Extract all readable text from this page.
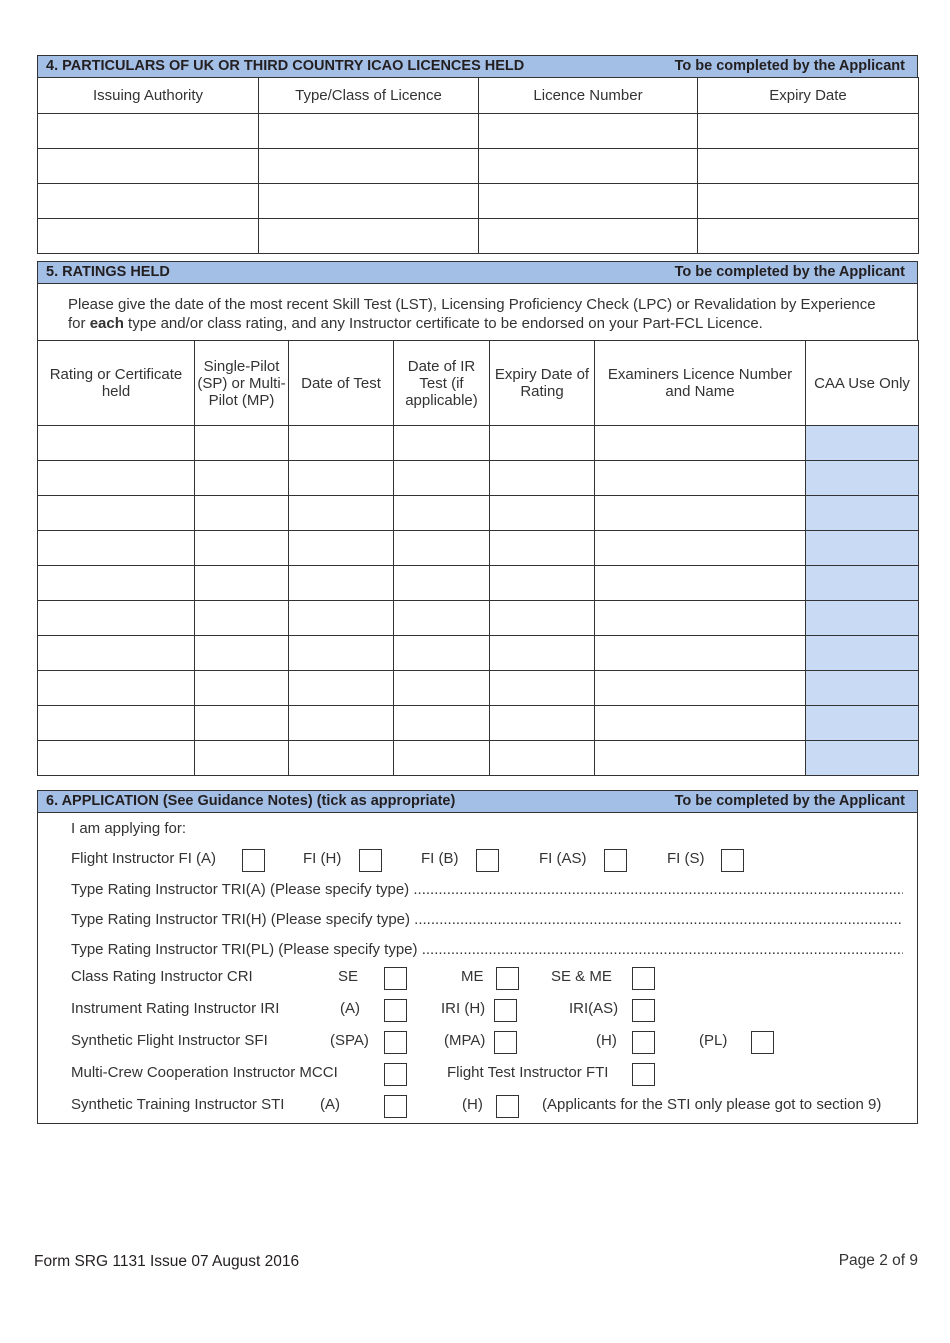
4. PARTICULARS OF UK OR THIRD COUNTRY ICAO LICENCES HELD	To be completed by the Applicant
Issuing Authority	Type/Class of Licence	Licence Number	Expiry Date

5. RATINGS HELD	To be completed by the Applicant
Please give the date of the most recent Skill Test (LST), Licensing Proficiency Check (LPC) or Revalidation by Experience
for each type and/or class rating, and any Instructor certificate to be endorsed on your Part-FCL Licence.
Rating or Certificate held	Single-Pilot (SP) or Multi-Pilot (MP)	Date of Test	Date of IR Test (if applicable)	Expiry Date of Rating	Examiners Licence Number and Name	CAA Use Only

6. APPLICATION (See Guidance Notes) (tick as appropriate)	To be completed by the Applicant
I am applying for:
Flight Instructor FI (A)	FI (H)	FI (B)	FI (AS)	FI (S)
Type Rating Instructor TRI(A) (Please specify type) .....
Type Rating Instructor TRI(H) (Please specify type) .....
Type Rating Instructor TRI(PL) (Please specify type) .....
Class Rating Instructor CRI	SE	ME	SE & ME
Instrument Rating Instructor IRI	(A)	IRI (H)	IRI(AS)
Synthetic Flight Instructor SFI	(SPA)	(MPA)	(H)	(PL)
Multi-Crew Cooperation Instructor MCCI	Flight Test Instructor FTI
Synthetic Training Instructor STI (A)	(H)	(Applicants for the STI only please got to section 9)
Form SRG 1131 Issue 07 August 2016	Page 2 of 9
